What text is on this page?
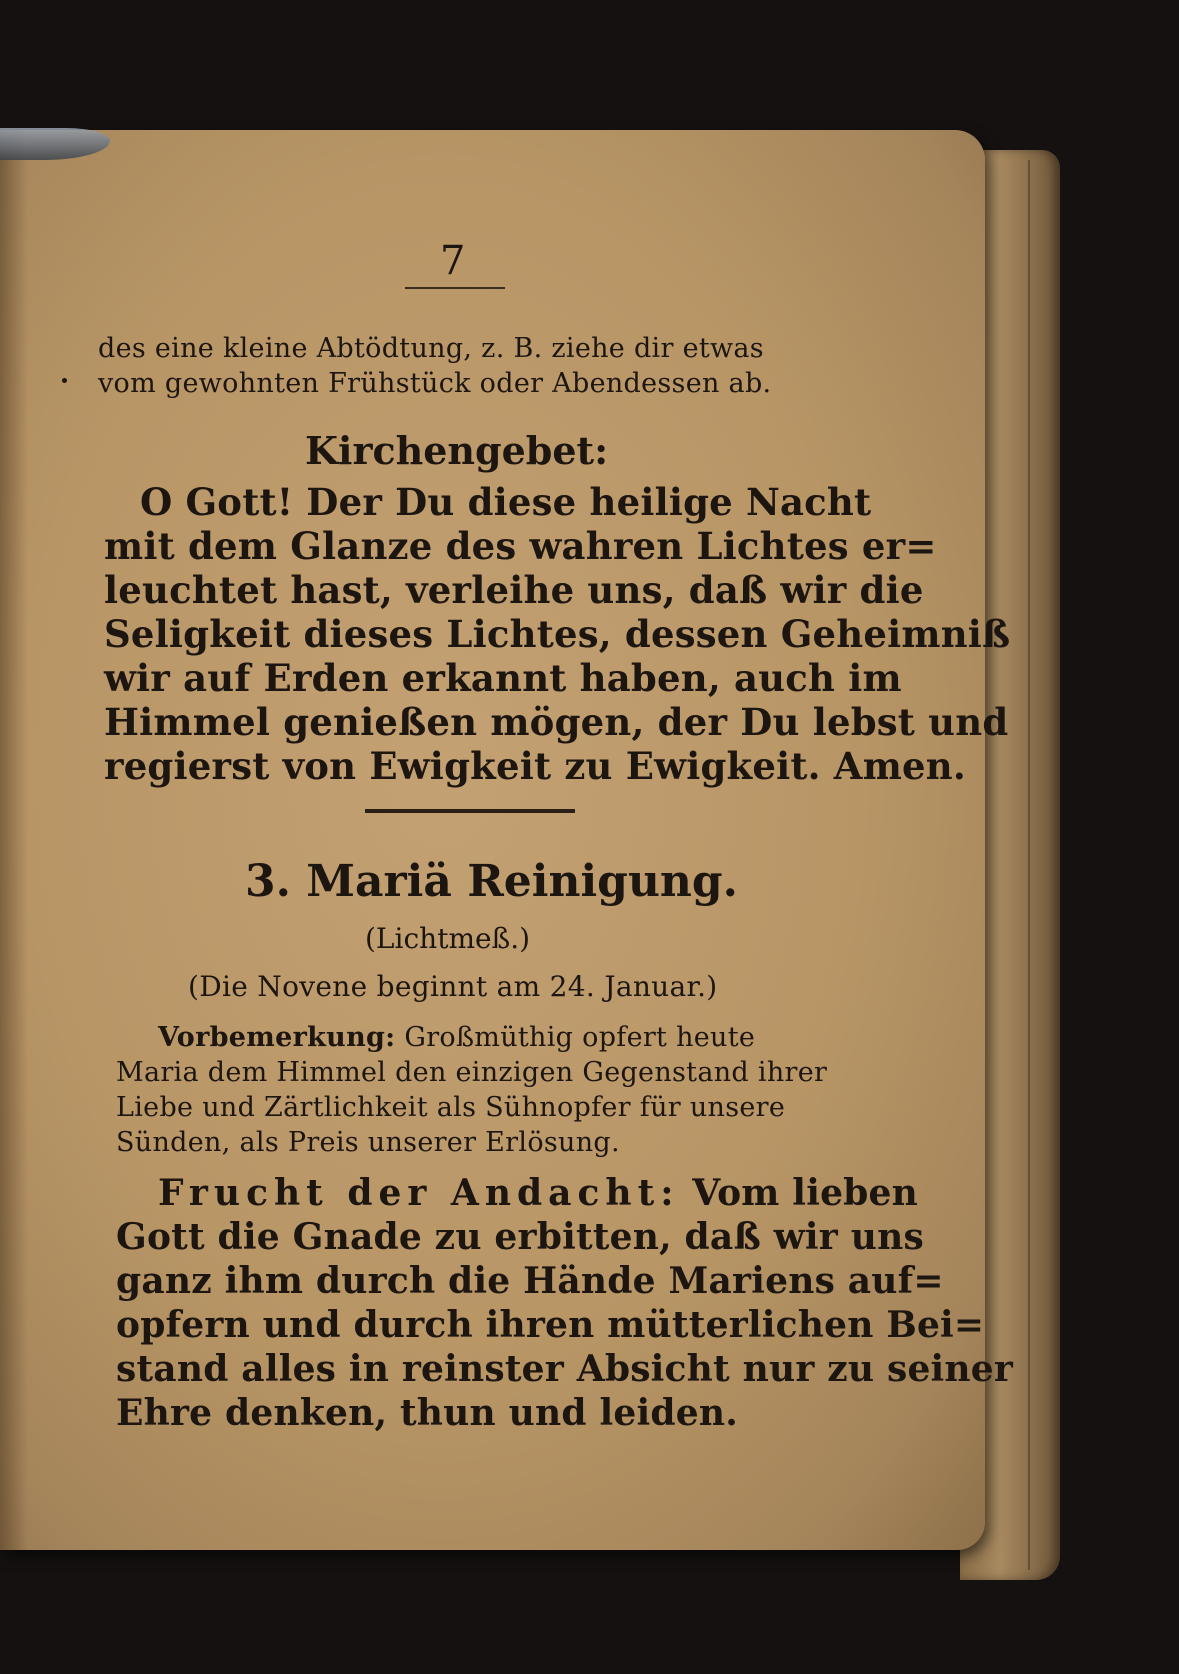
7
des eine kleine Abtödtung, z. B. ziehe dir etwas
vom gewohnten Frühstück oder Abendessen ab.
Kirchengebet:
O Gott! Der Du diese heilige Nacht
mit dem Glanze des wahren Lichtes er=
leuchtet hast, verleihe uns, daß wir die
Seligkeit dieses Lichtes, dessen Geheimniß
wir auf Erden erkannt haben, auch im
Himmel genießen mögen, der Du lebst und
regierst von Ewigkeit zu Ewigkeit. Amen.
3. Mariä Reinigung.
(Lichtmeß.)
(Die Novene beginnt am 24. Januar.)
Vorbemerkung: Großmüthig opfert heute
Maria dem Himmel den einzigen Gegenstand ihrer
Liebe und Zärtlichkeit als Sühnopfer für unsere
Sünden, als Preis unserer Erlösung.
Frucht der Andacht: Vom lieben
Gott die Gnade zu erbitten, daß wir uns
ganz ihm durch die Hände Mariens auf=
opfern und durch ihren mütterlichen Bei=
stand alles in reinster Absicht nur zu seiner
Ehre denken, thun und leiden.
